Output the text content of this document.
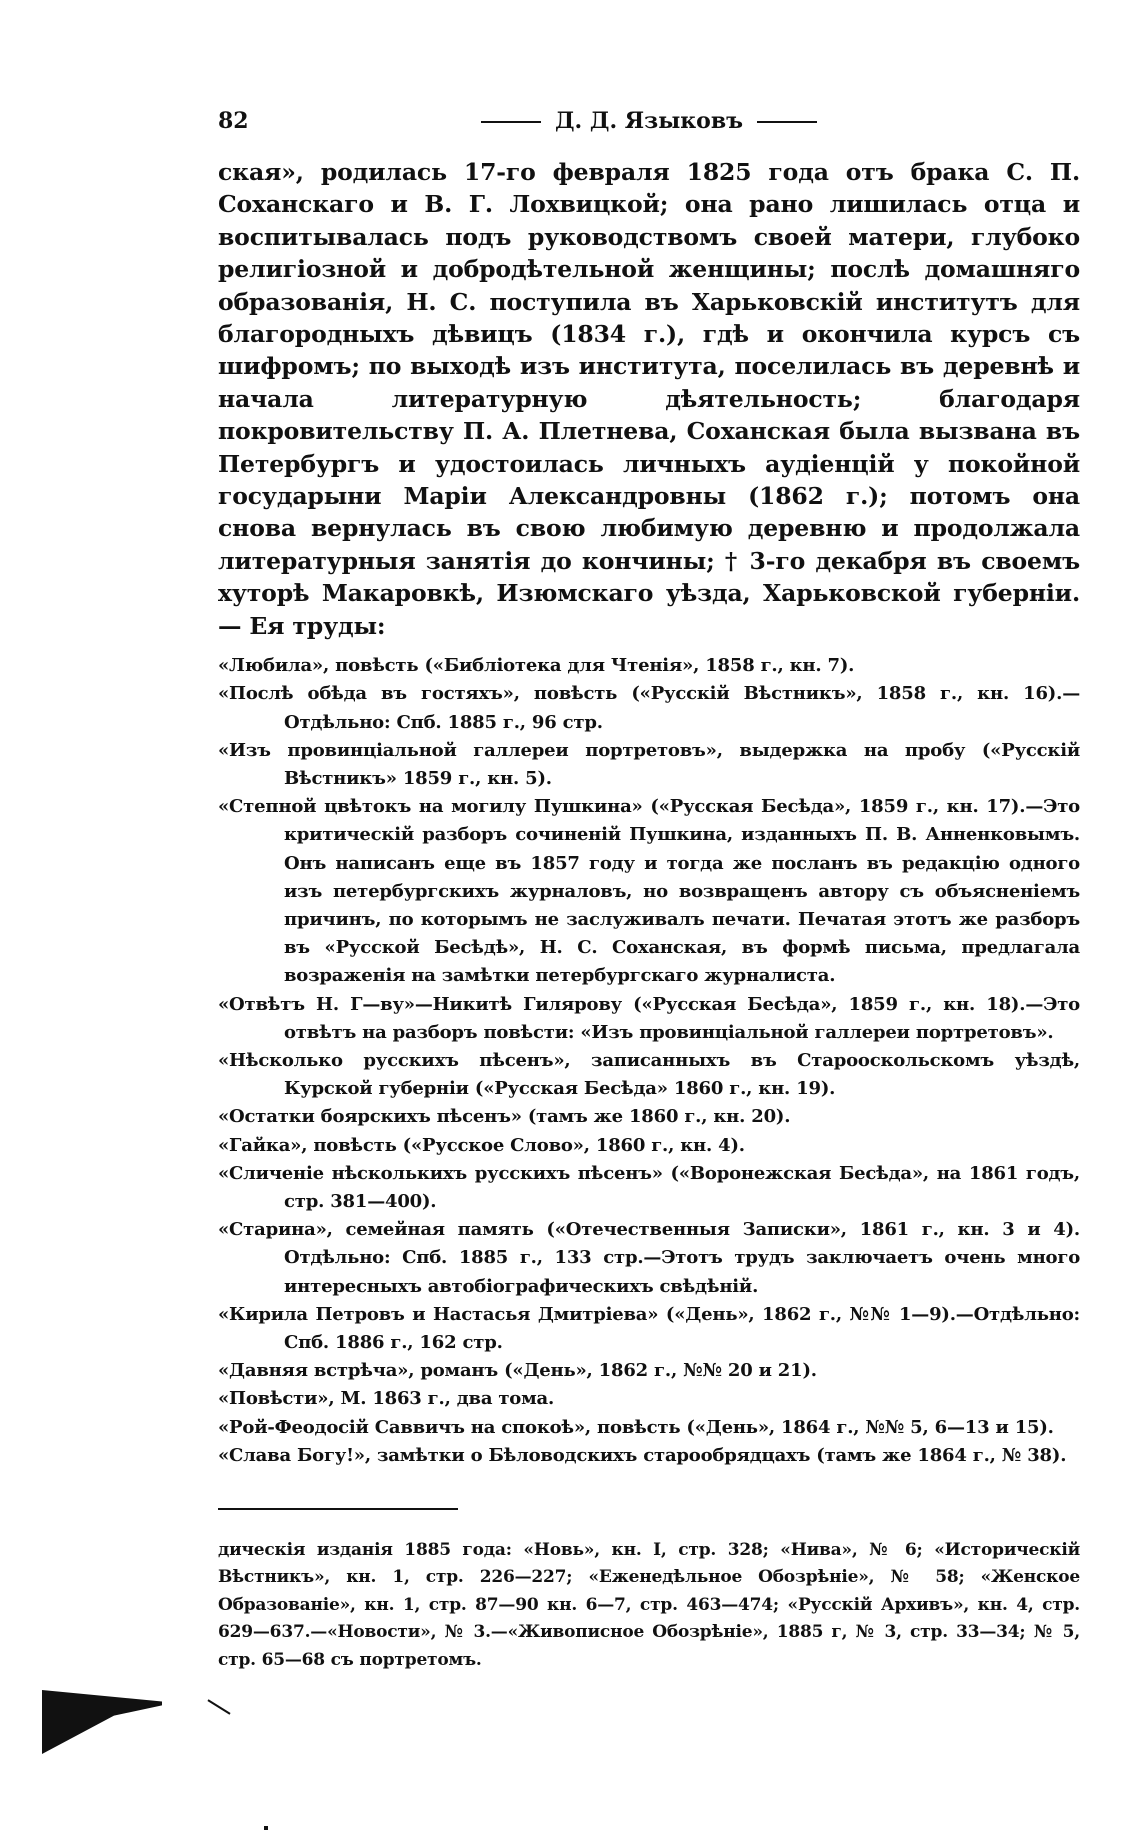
82	Д. Д. Языковъ
ская», родилась 17-го февраля 1825 года отъ брака С. П. Соханскаго и В. Г. Лохвицкой; она рано лишилась отца и воспитывалась подъ руководствомъ своей матери, глубоко религіозной и добродѣтельной женщины; послѣ домашняго образованія, Н. С. поступила въ Харьковскій институтъ для благородныхъ дѣвицъ (1834 г.), гдѣ и окончила курсъ съ шифромъ; по выходѣ изъ института, поселилась въ деревнѣ и начала литературную дѣятельность; благодаря покровительству П. А. Плетнева, Соханская была вызвана въ Петербургъ и удостоилась личныхъ аудіенцій у покойной государыни Маріи Александровны (1862 г.); потомъ она снова вернулась въ свою любимую деревню и продолжала литературныя занятія до кончины; † 3-го декабря въ своемъ хуторѣ Макаровкѣ, Изюмскаго уѣзда, Харьковской губерніи.— Ея труды:
«Любила», повѣсть («Библіотека для Чтенія», 1858 г., кн. 7).
«Послѣ обѣда въ гостяхъ», повѣсть («Русскій Вѣстникъ», 1858 г., кн. 16).—Отдѣльно: Спб. 1885 г., 96 стр.
«Изъ провинціальной галлереи портретовъ», выдержка на пробу («Русскій Вѣстникъ» 1859 г., кн. 5).
«Степной цвѣтокъ на могилу Пушкина» («Русская Бесѣда», 1859 г., кн. 17).—Это критическій разборъ сочиненій Пушкина, изданныхъ П. В. Анненковымъ. Онъ написанъ еще въ 1857 году и тогда же посланъ въ редакцію одного изъ петербургскихъ журналовъ, но возвращенъ автору съ объясненіемъ причинъ, по которымъ не заслуживалъ печати. Печатая этотъ же разборъ въ «Русской Бесѣдѣ», Н. С. Соханская, въ формѣ письма, предлагала возраженія на замѣтки петербургскаго журналиста.
«Отвѣтъ Н. Г—ву»—Никитѣ Гилярову («Русская Бесѣда», 1859 г., кн. 18).—Это отвѣтъ на разборъ повѣсти: «Изъ провинціальной галлереи портретовъ».
«Нѣсколько русскихъ пѣсенъ», записанныхъ въ Старооскольскомъ уѣздѣ, Курской губерніи («Русская Бесѣда» 1860 г., кн. 19).
«Остатки боярскихъ пѣсенъ» (тамъ же 1860 г., кн. 20).
«Гайка», повѣсть («Русское Слово», 1860 г., кн. 4).
«Сличеніе нѣсколькихъ русскихъ пѣсенъ» («Воронежская Бесѣда», на 1861 годъ, стр. 381—400).
«Старина», семейная память («Отечественныя Записки», 1861 г., кн. 3 и 4). Отдѣльно: Спб. 1885 г., 133 стр.—Этотъ трудъ заключаетъ очень много интересныхъ автобіографическихъ свѣдѣній.
«Кирила Петровъ и Настасья Дмитріева» («День», 1862 г., №№ 1—9).—Отдѣльно: Спб. 1886 г., 162 стр.
«Давняя встрѣча», романъ («День», 1862 г., №№ 20 и 21).
«Повѣсти», М. 1863 г., два тома.
«Рой-Феодосій Саввичъ на спокоѣ», повѣсть («День», 1864 г., №№ 5, 6—13 и 15).
«Слава Богу!», замѣтки о Бѣловодскихъ старообрядцахъ (тамъ же 1864 г., № 38).
дическія изданія 1885 года: «Новь», кн. I, стр. 328; «Нива», № 6; «Историческій Вѣстникъ», кн. 1, стр. 226—227; «Еженедѣльное Обозрѣніе», № 58; «Женское Образованіе», кн. 1, стр. 87—90 кн. 6—7, стр. 463—474; «Русскій Архивъ», кн. 4, стр. 629—637.—«Новости», № 3.—«Живописное Обозрѣніе», 1885 г, № 3, стр. 33—34; № 5, стр. 65—68 съ портретомъ.
